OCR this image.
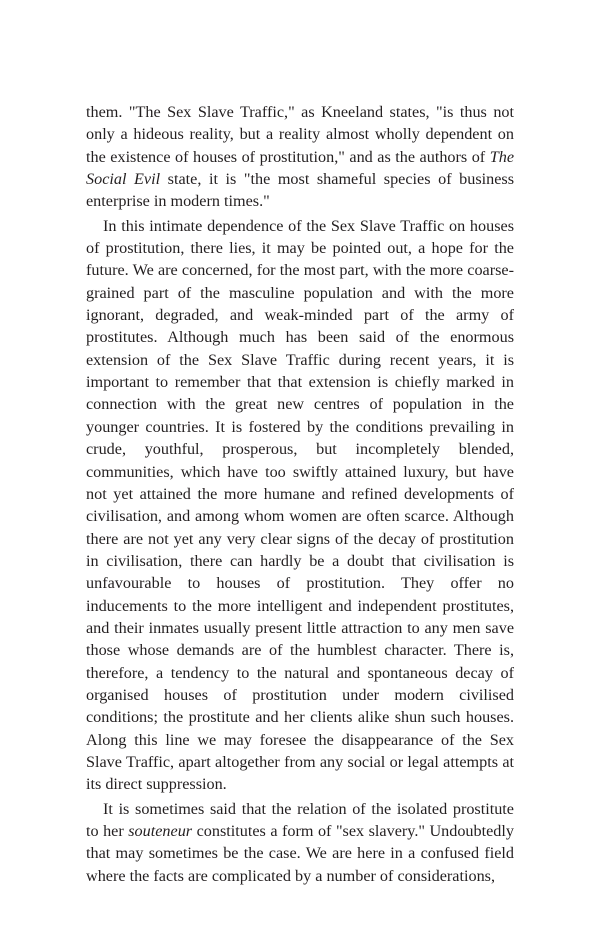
them. "The Sex Slave Traffic," as Kneeland states, "is thus not only a hideous reality, but a reality almost wholly dependent on the existence of houses of prostitution," and as the authors of The Social Evil state, it is "the most shameful species of business enterprise in modern times."

In this intimate dependence of the Sex Slave Traffic on houses of prostitution, there lies, it may be pointed out, a hope for the future. We are concerned, for the most part, with the more coarse-grained part of the masculine population and with the more ignorant, degraded, and weak-minded part of the army of prostitutes. Although much has been said of the enormous extension of the Sex Slave Traffic during recent years, it is important to remember that that extension is chiefly marked in connection with the great new centres of population in the younger countries. It is fostered by the conditions prevailing in crude, youthful, prosperous, but incompletely blended, communities, which have too swiftly attained luxury, but have not yet attained the more humane and refined developments of civilisation, and among whom women are often scarce. Although there are not yet any very clear signs of the decay of prostitution in civilisation, there can hardly be a doubt that civilisation is unfavourable to houses of prostitution. They offer no inducements to the more intelligent and independent prostitutes, and their inmates usually present little attraction to any men save those whose demands are of the humblest character. There is, therefore, a tendency to the natural and spontaneous decay of organised houses of prostitution under modern civilised conditions; the prostitute and her clients alike shun such houses. Along this line we may foresee the disappearance of the Sex Slave Traffic, apart altogether from any social or legal attempts at its direct suppression.

It is sometimes said that the relation of the isolated prostitute to her souteneur constitutes a form of "sex slavery." Undoubtedly that may sometimes be the case. We are here in a confused field where the facts are complicated by a number of considerations,
